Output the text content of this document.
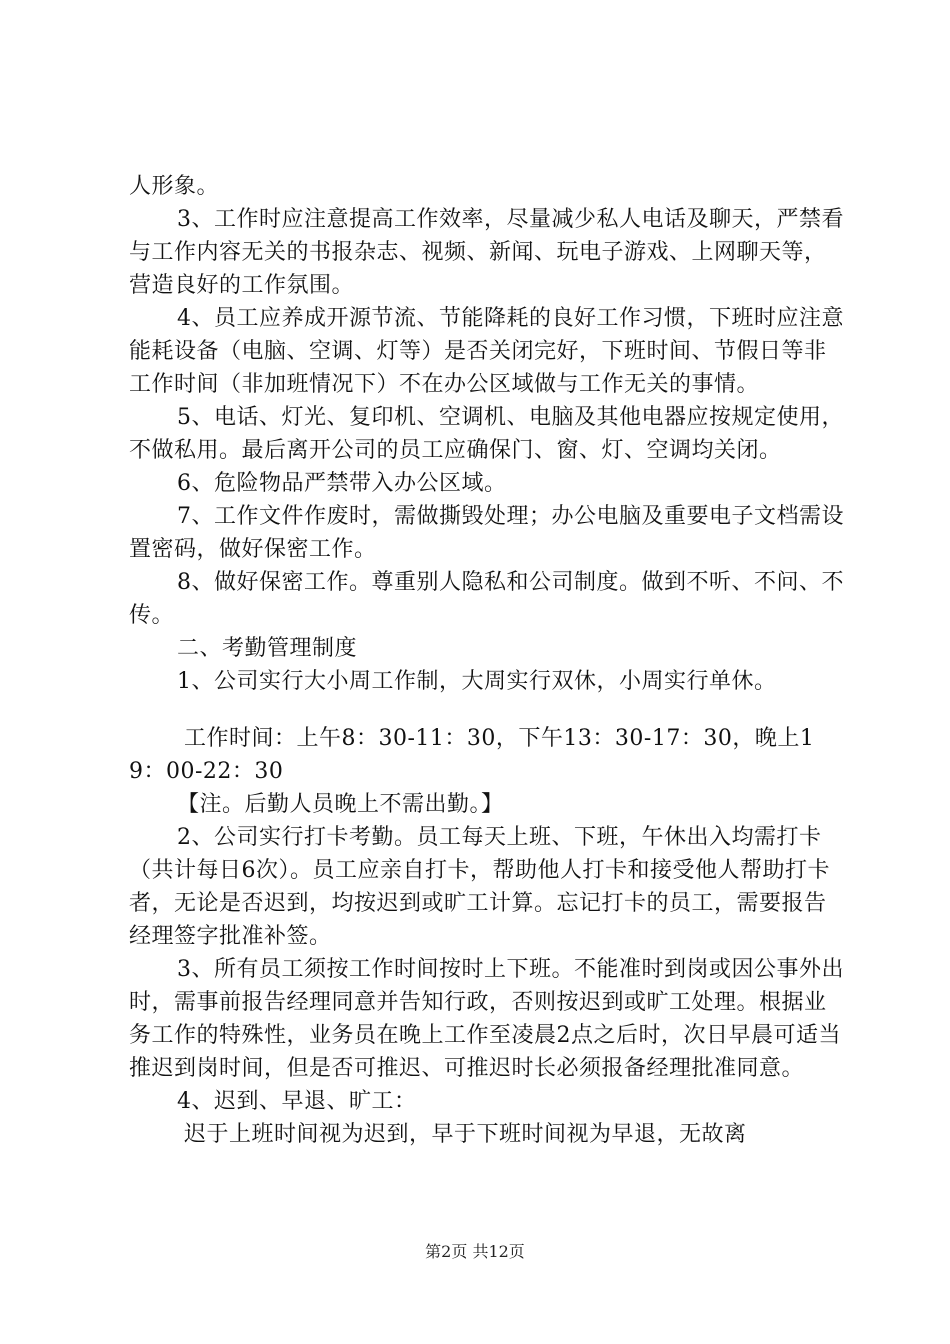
人形象。

3、工作时应注意提高工作效率，尽量减少私人电话及聊天，严禁看与工作内容无关的书报杂志、视频、新闻、玩电子游戏、上网聊天等，营造良好的工作氛围。

4、员工应养成开源节流、节能降耗的良好工作习惯，下班时应注意能耗设备（电脑、空调、灯等）是否关闭完好，下班时间、节假日等非工作时间（非加班情况下）不在办公区域做与工作无关的事情。

5、电话、灯光、复印机、空调机、电脑及其他电器应按规定使用，不做私用。最后离开公司的员工应确保门、窗、灯、空调均关闭。

6、危险物品严禁带入办公区域。

7、工作文件作废时，需做撕毁处理；办公电脑及重要电子文档需设置密码，做好保密工作。

8、做好保密工作。尊重别人隐私和公司制度。做到不听、不问、不传。

二、考勤管理制度

1、公司实行大小周工作制，大周实行双休，小周实行单休。

工作时间：上午8：30-11：30，下午13：30-17：30，晚上19：00-22：30

【注。后勤人员晚上不需出勤。】

2、公司实行打卡考勤。员工每天上班、下班，午休出入均需打卡（共计每日6次）。员工应亲自打卡，帮助他人打卡和接受他人帮助打卡者，无论是否迟到，均按迟到或旷工计算。忘记打卡的员工，需要报告经理签字批准补签。

3、所有员工须按工作时间按时上下班。不能准时到岗或因公事外出时，需事前报告经理同意并告知行政，否则按迟到或旷工处理。根据业务工作的特殊性，业务员在晚上工作至凌晨2点之后时，次日早晨可适当推迟到岗时间，但是否可推迟、可推迟时长必须报备经理批准同意。

4、迟到、早退、旷工：

迟于上班时间视为迟到，早于下班时间视为早退，无故离

第2页 共12页
